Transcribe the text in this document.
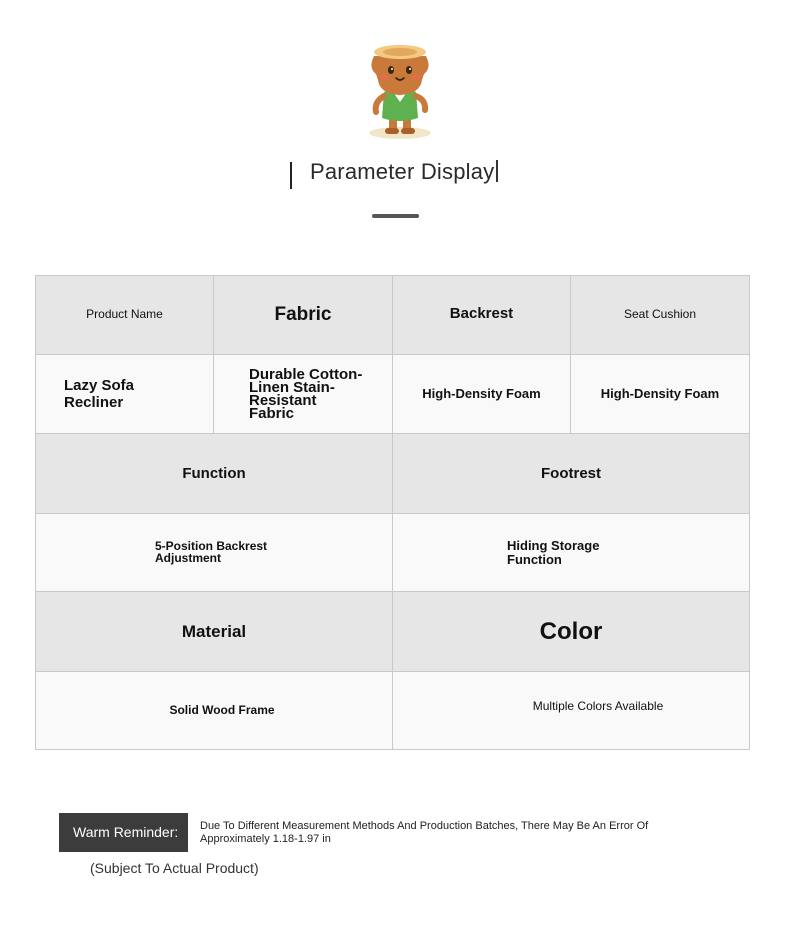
Parameter Display
Product Name	Fabric	Backrest	Seat Cushion

Lazy Sofa Recliner	Durable Cotton-Linen Stain-Resistant Fabric	High-Density Foam	High-Density Foam

Function		Footrest	

5-Position Backrest Adjustment		Hiding Storage Function	

Material		Color	

Solid Wood Frame		Multiple Colors Available	
Warm Reminder:	Due To Different Measurement Methods And Production Batches, There May Be An Error Of Approximately 1.18-1.97 in
(Subject To Actual Product)
